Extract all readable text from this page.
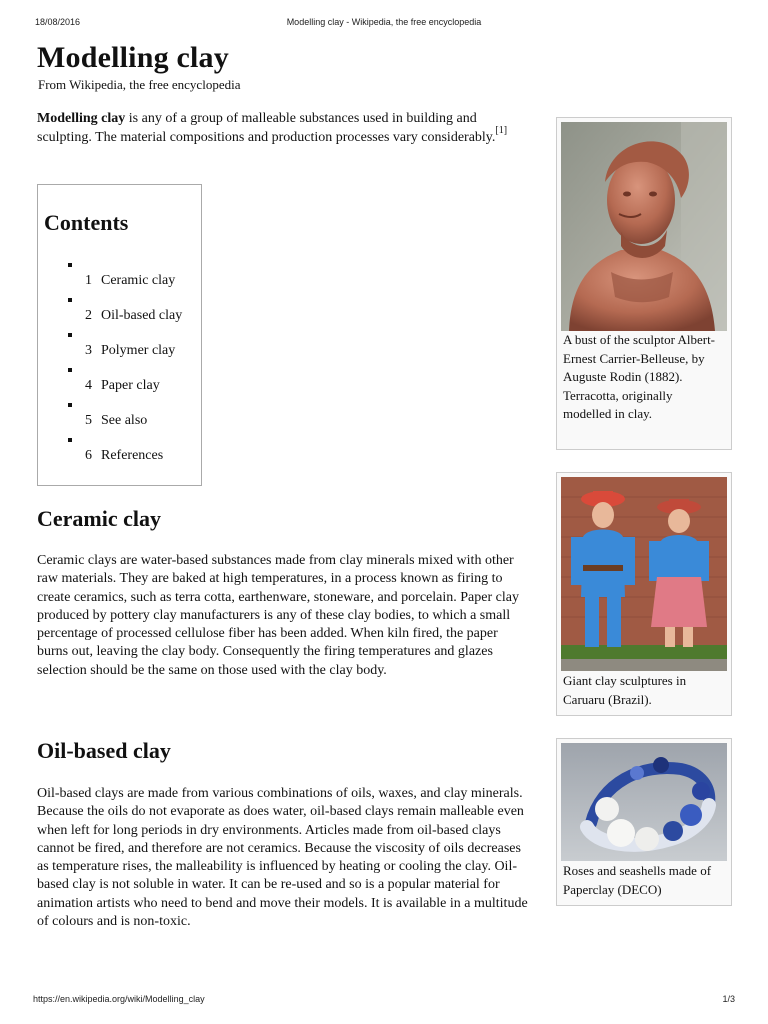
18/08/2016	Modelling clay - Wikipedia, the free encyclopedia
Modelling clay
From Wikipedia, the free encyclopedia

Modelling clay is any of a group of malleable substances used in building and sculpting. The material compositions and production processes vary considerably.[1]

Contents
1 Ceramic clay
2 Oil-based clay
3 Polymer clay
4 Paper clay
5 See also
6 References
Ceramic clay

Ceramic clays are water-based substances made from clay minerals mixed with other raw materials. They are baked at high temperatures, in a process known as firing to create ceramics, such as terra cotta, earthenware, stoneware, and porcelain. Paper clay produced by pottery clay manufacturers is any of these clay bodies, to which a small percentage of processed cellulose fiber has been added. When kiln fired, the paper burns out, leaving the clay body. Consequently the firing temperatures and glazes selection should be the same on those used with the clay body.

Oil-based clay

Oil-based clays are made from various combinations of oils, waxes, and clay minerals. Because the oils do not evaporate as does water, oil-based clays remain malleable even when left for long periods in dry environments. Articles made from oil-based clays cannot be fired, and therefore are not ceramics. Because the viscosity of oils decreases as temperature rises, the malleability is influenced by heating or cooling the clay. Oil-based clay is not soluble in water. It can be re-used and so is a popular material for animation artists who need to bend and move their models. It is available in a multitude of colours and is non-toxic.

A bust of the sculptor Albert-Ernest Carrier-Belleuse, by Auguste Rodin (1882). Terracotta, originally modelled in clay.
Giant clay sculptures in Caruaru (Brazil).
Roses and seashells made of Paperclay (DECO)
https://en.wikipedia.org/wiki/Modelling_clay	1/3
